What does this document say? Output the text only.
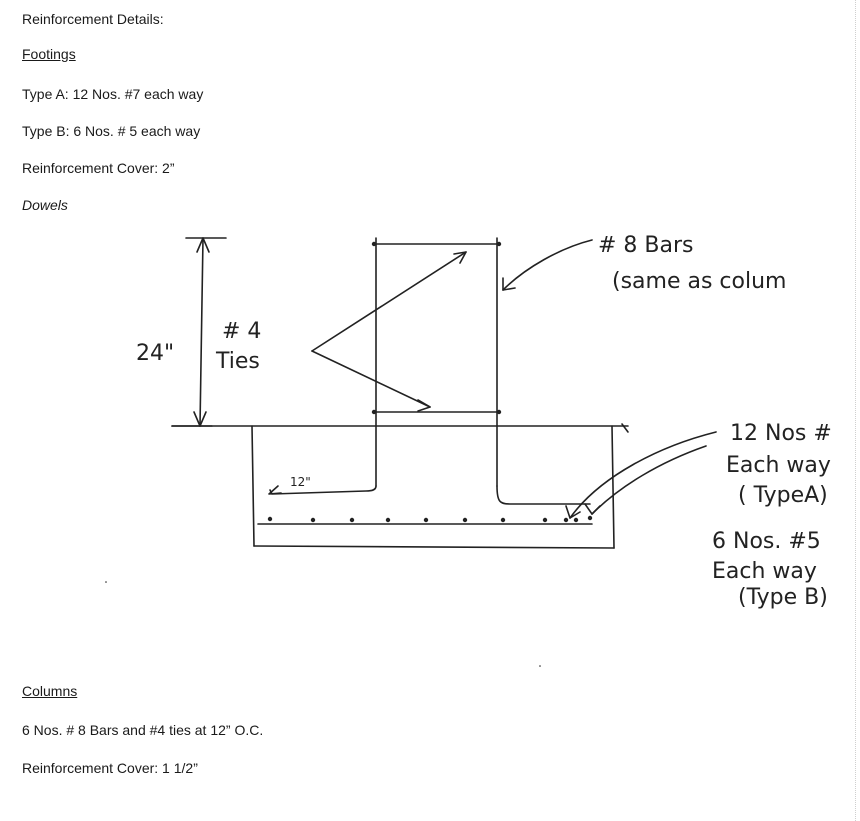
Reinforcement Details:
Footings
Type A: 12 Nos. #7 each way
Type B: 6 Nos. # 5 each way
Reinforcement Cover: 2”
Dowels
24"
# 4
Ties
# 8 Bars
(same as colum
12"
12 Nos #
Each way
( TypeA)
6 Nos. #5
Each way
(Type B)
Columns
6 Nos. # 8 Bars and #4 ties at 12” O.C.
Reinforcement Cover: 1 1/2”
